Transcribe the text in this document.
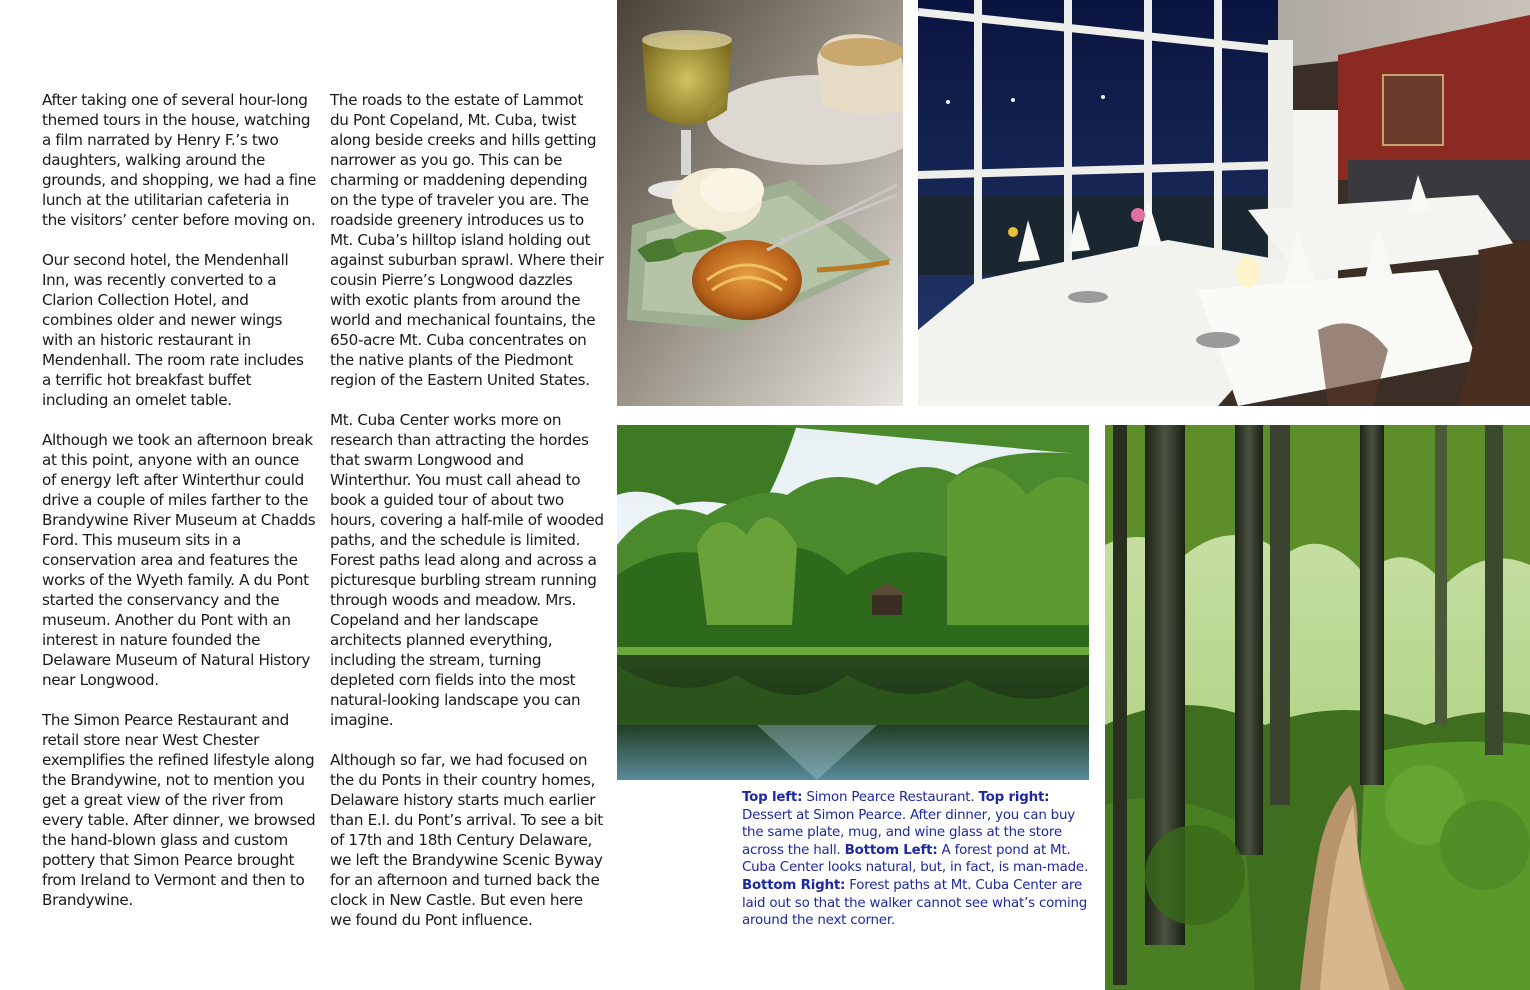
After taking one of several hour-long themed tours in the house, watching a film narrated by Henry F.’s two daughters, walking around the grounds, and shopping, we had a fine lunch at the utilitarian cafeteria in the visitors’ center before moving on.

Our second hotel, the Mendenhall Inn, was recently converted to a Clarion Collection Hotel, and combines older and newer wings with an historic restaurant in Mendenhall. The room rate includes a terrific hot breakfast buffet including an omelet table.

Although we took an afternoon break at this point, anyone with an ounce of energy left after Winterthur could drive a couple of miles farther to the Brandywine River Museum at Chadds Ford. This museum sits in a conservation area and features the works of the Wyeth family. A du Pont started the conservancy and the museum. Another du Pont with an interest in nature founded the Delaware Museum of Natural History near Longwood.

The Simon Pearce Restaurant and retail store near West Chester exemplifies the refined lifestyle along the Brandywine, not to mention you get a great view of the river from every table. After dinner, we browsed the hand-blown glass and custom pottery that Simon Pearce brought from Ireland to Vermont and then to Brandywine.

The roads to the estate of Lammot du Pont Copeland, Mt. Cuba, twist along beside creeks and hills getting narrower as you go. This can be charming or maddening depending on the type of traveler you are. The roadside greenery introduces us to Mt. Cuba’s hilltop island holding out against suburban sprawl. Where their cousin Pierre’s Longwood dazzles with exotic plants from around the world and mechanical fountains, the 650-acre Mt. Cuba concentrates on the native plants of the Piedmont region of the Eastern United States.

Mt. Cuba Center works more on research than attracting the hordes that swarm Longwood and Winterthur. You must call ahead to book a guided tour of about two hours, covering a half-mile of wooded paths, and the schedule is limited. Forest paths lead along and across a picturesque burbling stream running through woods and meadow. Mrs. Copeland and her landscape architects planned everything, including the stream, turning depleted corn fields into the most natural-looking landscape you can imagine.

Although so far, we had focused on the du Ponts in their country homes, Delaware history starts much earlier than E.I. du Pont’s arrival. To see a bit of 17th and 18th Century Delaware, we left the Brandywine Scenic Byway for an afternoon and turned back the clock in New Castle. But even here we found du Pont influence.

Top left: Simon Pearce Restaurant. Top right: Dessert at Simon Pearce. After dinner, you can buy the same plate, mug, and wine glass at the store across the hall. Bottom Left: A forest pond at Mt. Cuba Center looks natural, but, in fact, is man-made. Bottom Right: Forest paths at Mt. Cuba Center are laid out so that the walker cannot see what’s coming around the next corner.
